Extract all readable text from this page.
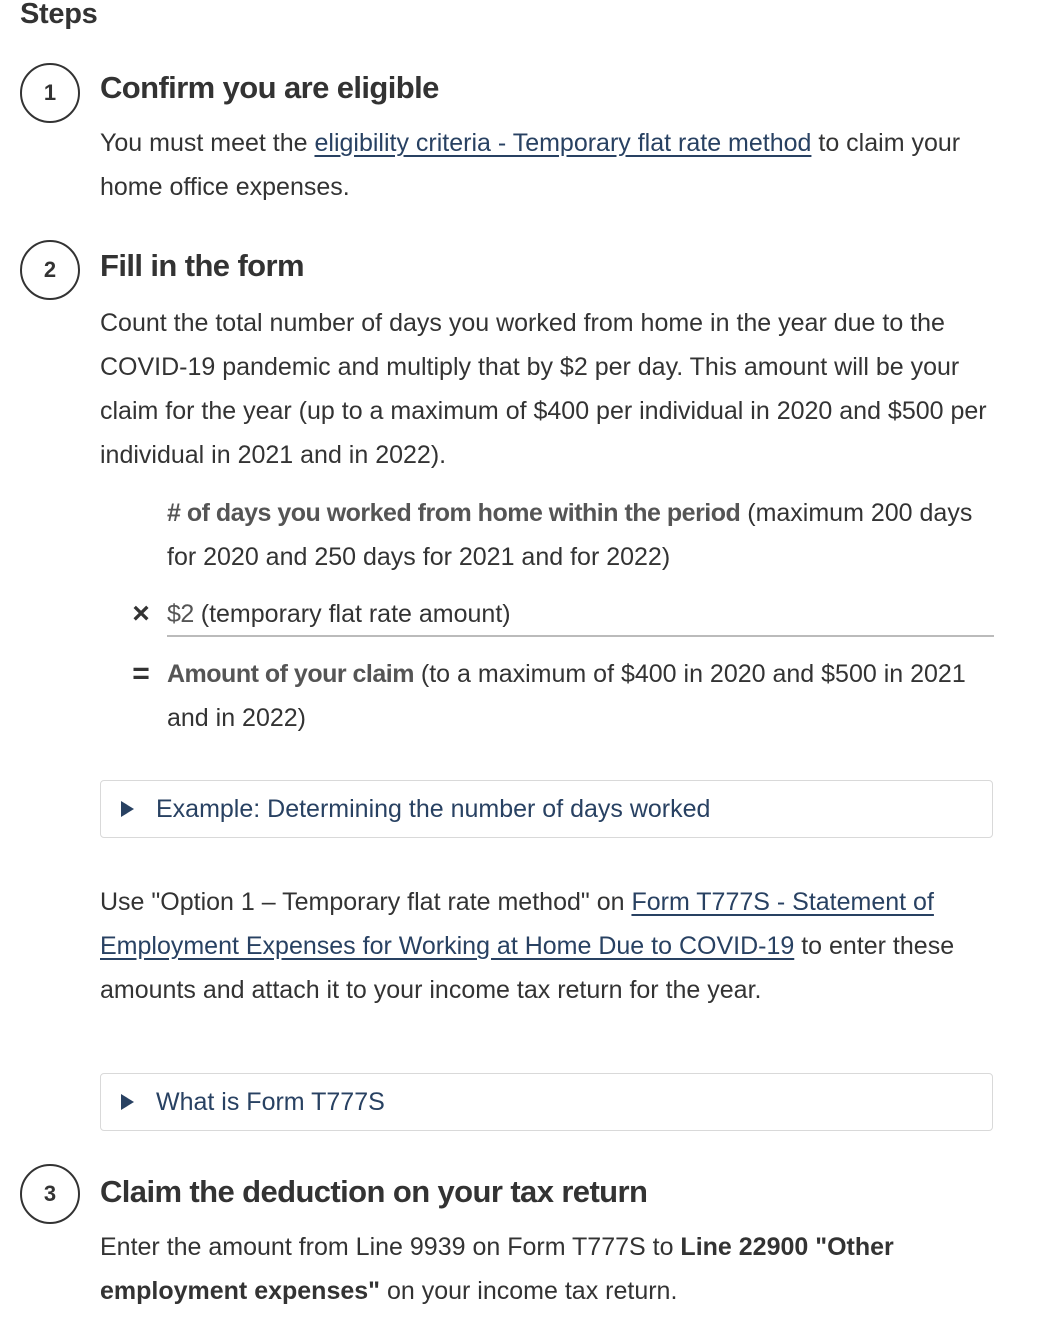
Steps
1	Confirm you are eligible

You must meet the eligibility criteria - Temporary flat rate method to claim your home office expenses.

2	Fill in the form

Count the total number of days you worked from home in the year due to the COVID-19 pandemic and multiply that by $2 per day. This amount will be your claim for the year (up to a maximum of $400 per individual in 2020 and $500 per individual in 2021 and in 2022).

# of days you worked from home within the period (maximum 200 days for 2020 and 250 days for 2021 and for 2022)

× $2 (temporary flat rate amount)

= Amount of your claim (to a maximum of $400 in 2020 and $500 in 2021 and in 2022)

Example: Determining the number of days worked

Use "Option 1 – Temporary flat rate method" on Form T777S - Statement of Employment Expenses for Working at Home Due to COVID-19 to enter these amounts and attach it to your income tax return for the year.

What is Form T777S
3	Claim the deduction on your tax return

Enter the amount from Line 9939 on Form T777S to Line 22900 "Other employment expenses" on your income tax return.
